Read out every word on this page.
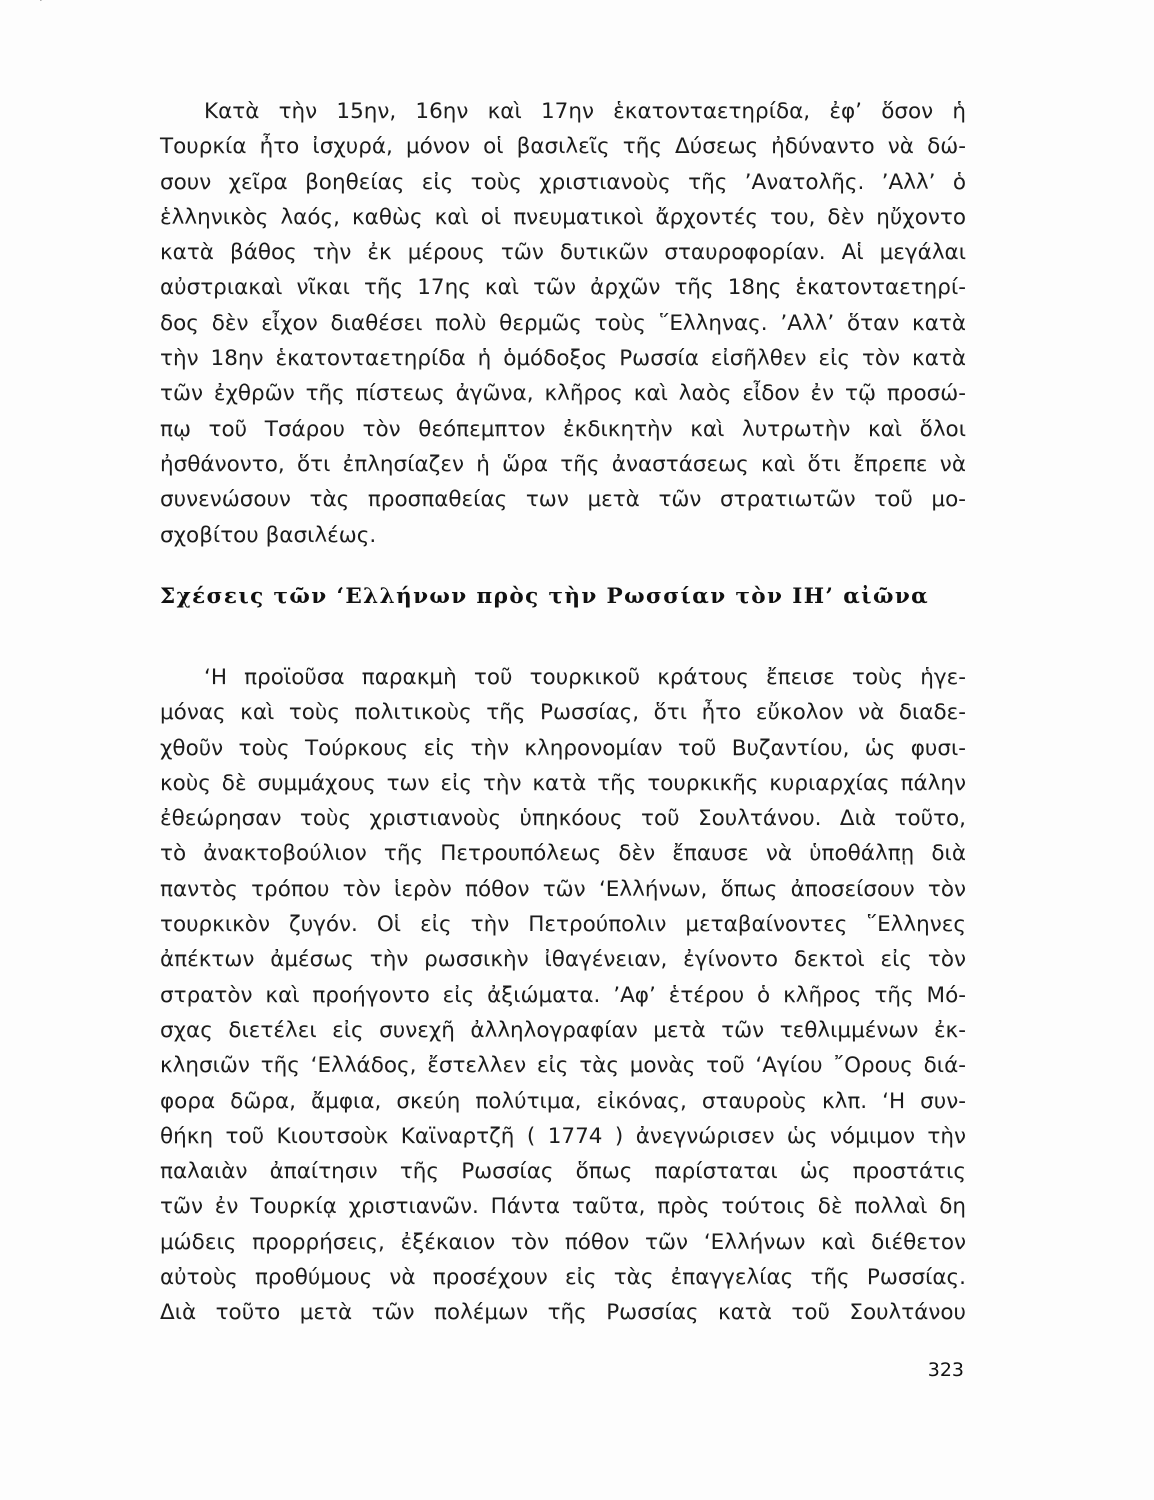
Κατὰ τὴν 15ην, 16ην καὶ 17ην ἑκατονταετηρίδα, ἐφ’ ὅσον ἡ
Τουρκία ἦτο ἰσχυρά, μόνον οἱ βασιλεῖς τῆς Δύσεως ἠδύναντο νὰ δώ-
σουν χεῖρα βοηθείας εἰς τοὺς χριστιανοὺς τῆς ’Ανατολῆς. ’Αλλ’ ὁ
ἑλληνικὸς λαός, καθὼς καὶ οἱ πνευματικοὶ ἄρχοντές του, δὲν ηὔχοντο
κατὰ βάθος τὴν ἐκ μέρους τῶν δυτικῶν σταυροφορίαν. Αἱ μεγάλαι
αὐστριακαὶ νῖκαι τῆς 17ης καὶ τῶν ἀρχῶν τῆς 18ης ἑκατονταετηρί-
δος δὲν εἶχον διαθέσει πολὺ θερμῶς τοὺς ῞Ελληνας. ’Αλλ’ ὅταν κατὰ
τὴν 18ην ἑκατονταετηρίδα ἡ ὁμόδοξος Ρωσσία εἰσῆλθεν εἰς τὸν κατὰ
τῶν ἐχθρῶν τῆς πίστεως ἀγῶνα, κλῆρος καὶ λαὸς εἶδον ἐν τῷ προσώ-
πῳ τοῦ Τσάρου τὸν θεόπεμπτον ἐκδικητὴν καὶ λυτρωτὴν καὶ ὅλοι
ἠσθάνοντο, ὅτι ἐπλησίαζεν ἡ ὥρα τῆς ἀναστάσεως καὶ ὅτι ἔπρεπε νὰ
συνενώσουν τὰς προσπαθείας των μετὰ τῶν στρατιωτῶν τοῦ μο-
σχοβίτου βασιλέως.
Σχέσεις τῶν ‘Ελλήνων πρὸς τὴν Ρωσσίαν τὸν ΙΗ’ αἰῶνα
‘Η προϊοῦσα παρακμὴ τοῦ τουρκικοῦ κράτους ἔπεισε τοὺς ἡγε-
μόνας καὶ τοὺς πολιτικοὺς τῆς Ρωσσίας, ὅτι ἦτο εὔκολον νὰ διαδε-
χθοῦν τοὺς Τούρκους εἰς τὴν κληρονομίαν τοῦ Βυζαντίου, ὡς φυσι-
κοὺς δὲ συμμάχους των εἰς τὴν κατὰ τῆς τουρκικῆς κυριαρχίας πάλην
ἐθεώρησαν τοὺς χριστιανοὺς ὑπηκόους τοῦ Σουλτάνου. Διὰ τοῦτο,
τὸ ἀνακτοβούλιον τῆς Πετρουπόλεως δὲν ἔπαυσε νὰ ὑποθάλπῃ διὰ
παντὸς τρόπου τὸν ἱερὸν πόθον τῶν ‘Ελλήνων, ὅπως ἀποσείσουν τὸν
τουρκικὸν ζυγόν. Οἱ εἰς τὴν Πετρούπολιν μεταβαίνοντες ῞Ελληνες
ἀπέκτων ἀμέσως τὴν ρωσσικὴν ἰθαγένειαν, ἐγίνοντο δεκτοὶ εἰς τὸν
στρατὸν καὶ προήγοντο εἰς ἀξιώματα. ’Αφ’ ἑτέρου ὁ κλῆρος τῆς Μό-
σχας διετέλει εἰς συνεχῆ ἀλληλογραφίαν μετὰ τῶν τεθλιμμένων ἐκ-
κλησιῶν τῆς ‘Ελλάδος, ἔστελλεν εἰς τὰς μονὰς τοῦ ‘Αγίου ῎Ορους διά-
φορα δῶρα, ἄμφια, σκεύη πολύτιμα, εἰκόνας, σταυροὺς κλπ. ‘Η συν-
θήκη τοῦ Κιουτσοὺκ Καϊναρτζῆ ( 1774 ) ἀνεγνώρισεν ὡς νόμιμον τὴν
παλαιὰν ἀπαίτησιν τῆς Ρωσσίας ὅπως παρίσταται ὡς προστάτις
τῶν ἐν Τουρκίᾳ χριστιανῶν. Πάντα ταῦτα, πρὸς τούτοις δὲ πολλαὶ δη
μώδεις προρρήσεις, ἐξέκαιον τὸν πόθον τῶν ‘Ελλήνων καὶ διέθετον
αὐτοὺς προθύμους νὰ προσέχουν εἰς τὰς ἐπαγγελίας τῆς Ρωσσίας.
Διὰ τοῦτο μετὰ τῶν πολέμων τῆς Ρωσσίας κατὰ τοῦ Σουλτάνου
323
